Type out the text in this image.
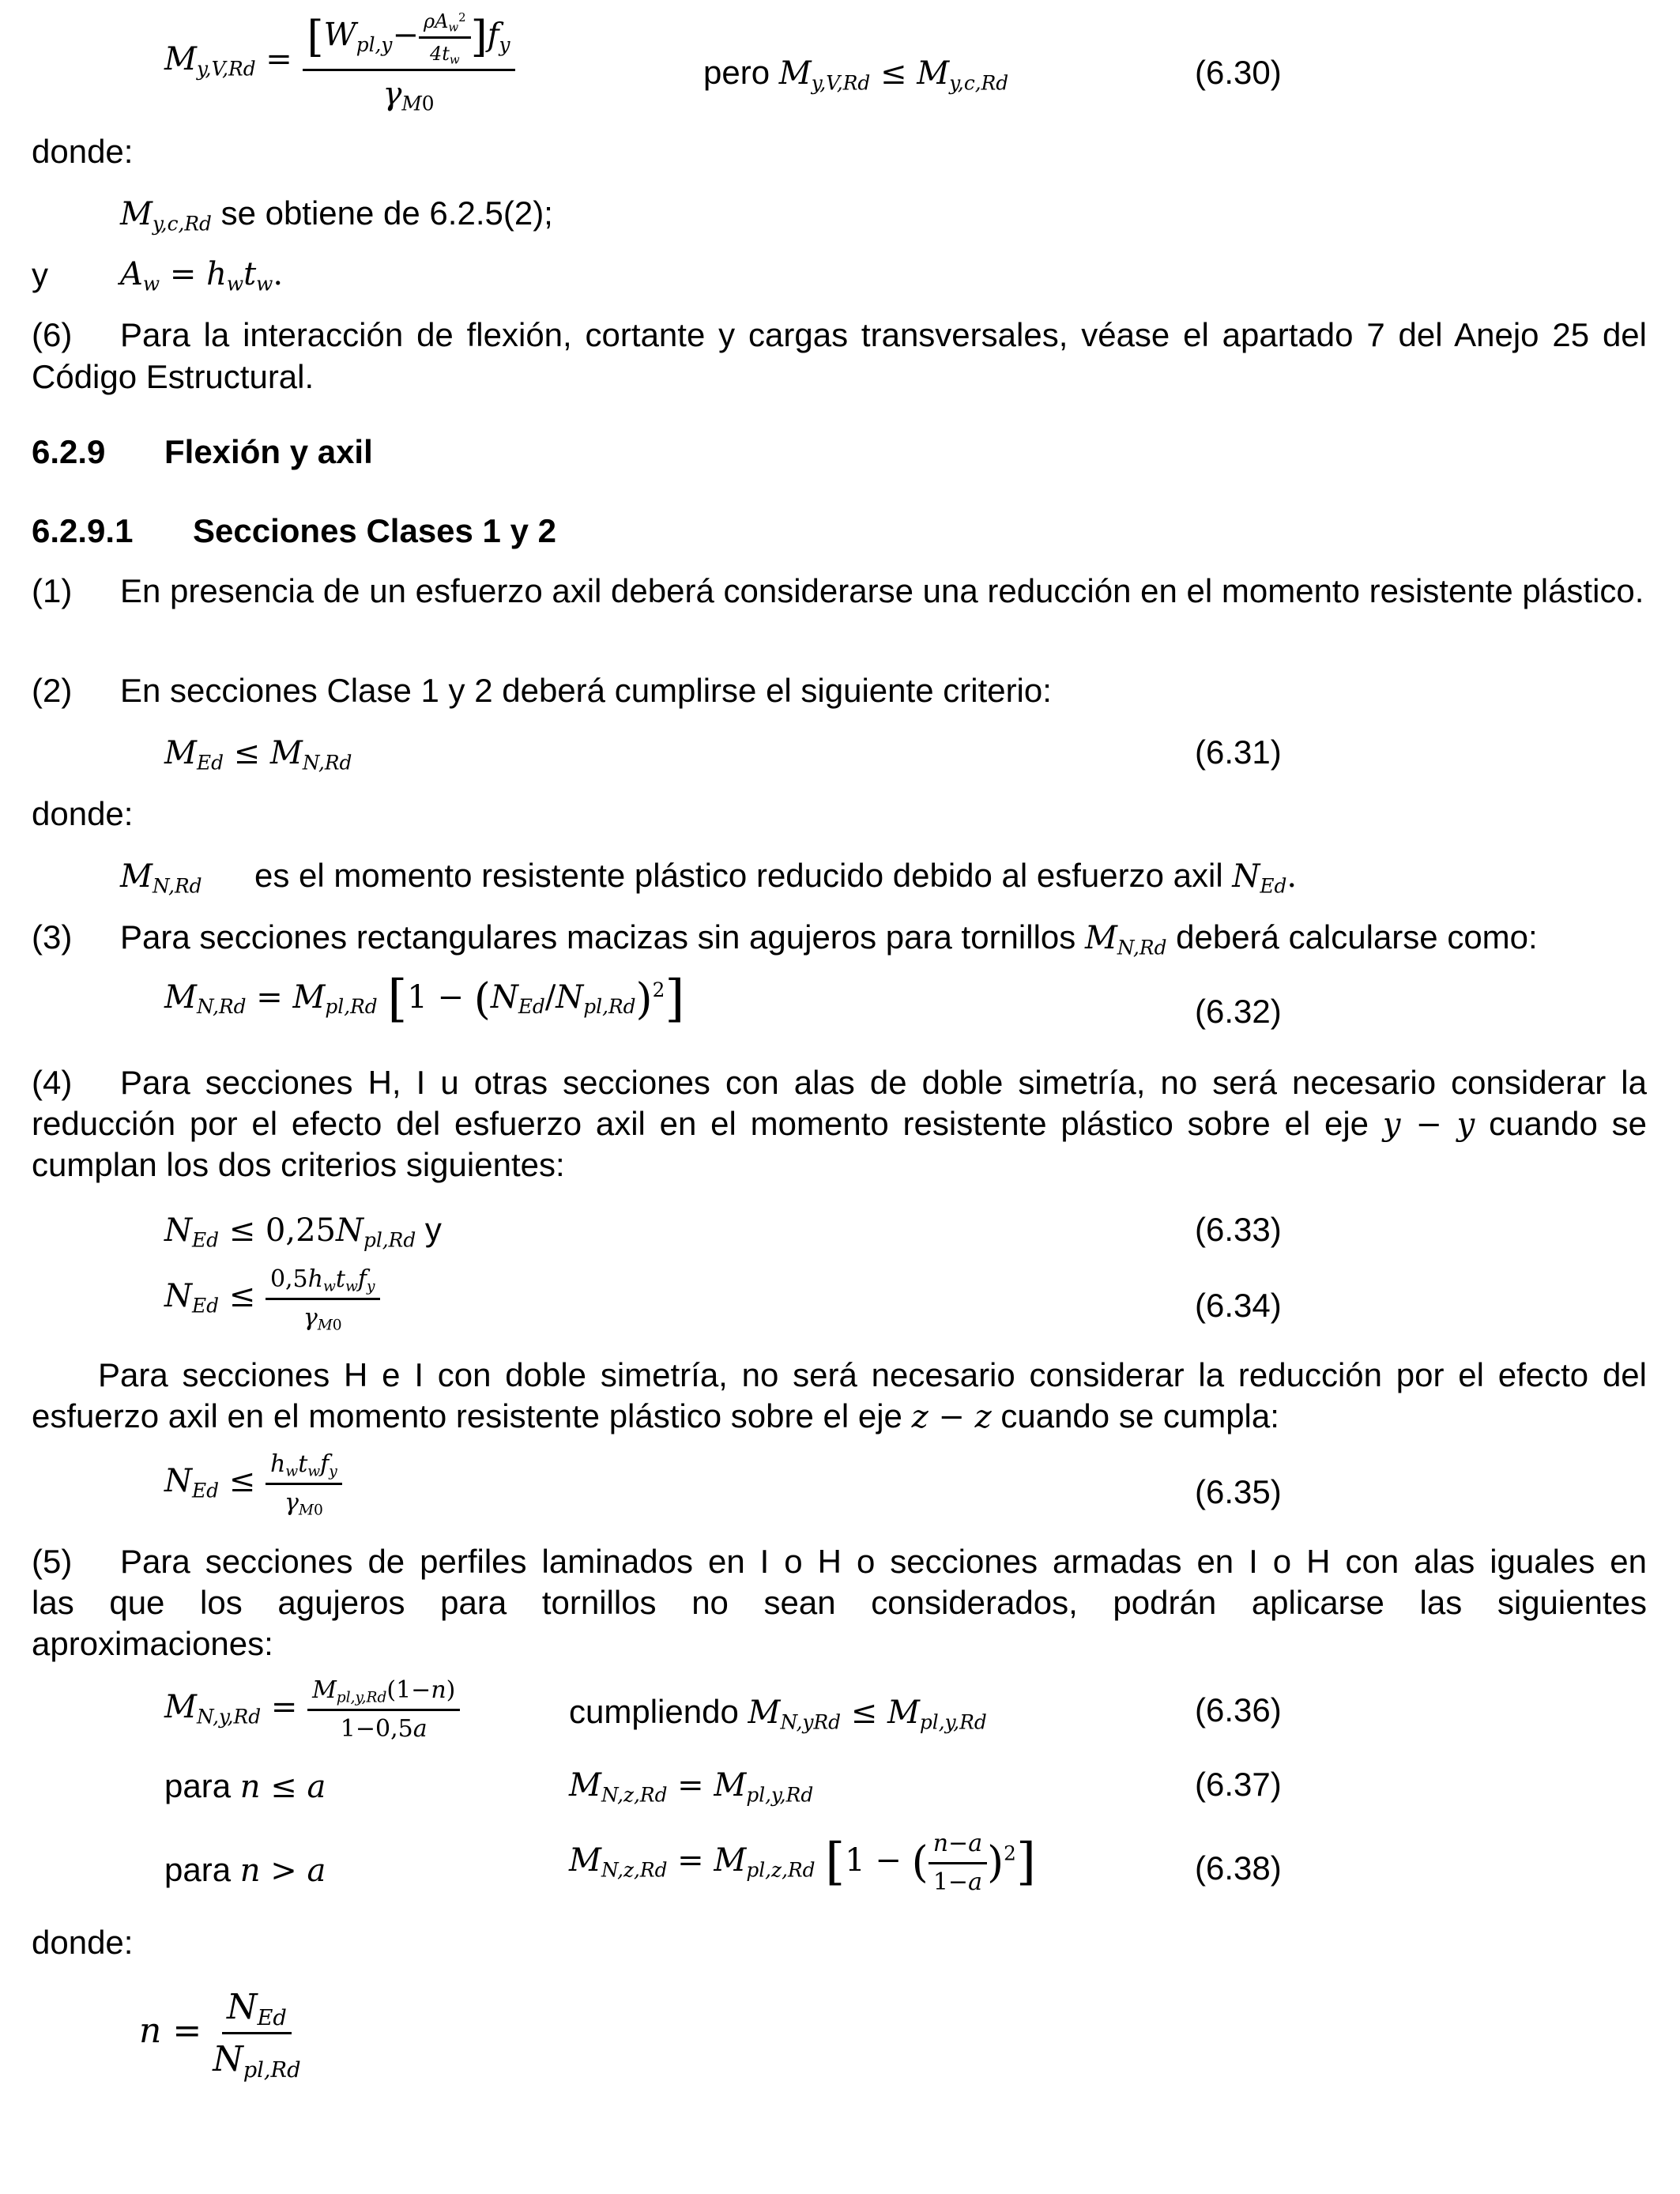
$M_{y,V,Rd} = \frac{[W_{pl,y}- \frac{\rho A_w^2}{4t_w} ]f_y}{\gamma_{M0}}$	pero $M_{y,V,Rd} \le M_{y,c,Rd}$	(6.30)
donde:
$M_{y,c,Rd}$ se obtiene de 6.2.5(2);
y $A_w = h_wt_w$.
(6)	Para la interacción de flexión, cortante y cargas transversales, véase el apartado 7 del Anejo 25 del Código Estructural.
6.2.9 Flexión y axil
6.2.9.1 Secciones Clases 1 y 2
(1)	En presencia de un esfuerzo axil deberá considerarse una reducción en el momento resistente plástico.
(2) En secciones Clase 1 y 2 deberá cumplirse el siguiente criterio:
$M_{Ed} \le M_{N,Rd}$	(6.31)
donde:
$M_{N,Rd}$ es el momento resistente plástico reducido debido al esfuerzo axil $N_{Ed}$.
(3) Para secciones rectangulares macizas sin agujeros para tornillos $M_{N,Rd}$ deberá calcularse como:
$M_{N,Rd} = M_{pl,Rd}$ $[1 - (N_{Ed}/N_{pl,Rd})^2]$	(6.32)
(4) Para secciones H, I u otras secciones con alas de doble simetría, no será necesario considerar la
reducción por el efecto del esfuerzo axil en el momento resistente plástico sobre el eje y − y cuando se
cumplan los dos criterios siguientes:
$N_{Ed} \le 0,25N_{pl,Rd}$ y	(6.33)
$N_{Ed} \le \frac{0,5h_wt_wf_y}{\gamma_{M0}}$	(6.34)
Para secciones H e I con doble simetría, no será necesario considerar la reducción por el efecto del
esfuerzo axil en el momento resistente plástico sobre el eje z − z cuando se cumpla:
$N_{Ed} \le \frac{h_wt_wf_y}{\gamma_{M0}}$	(6.35)
(5) Para secciones de perfiles laminados en I o H o secciones armadas en I o H con alas iguales en
las que los agujeros para tornillos no sean considerados, podrán aplicarse las siguientes
aproximaciones:
$M_{N,y,Rd} = \frac{M_{pl,y,Rd}(1-n)}{1-0,5a}$	cumpliendo $M_{N,yRd} \le M_{pl,y,Rd}$	(6.36)
para n ≤ a	$M_{N,z,Rd} = M_{pl,y,Rd}$	(6.37)
para n > a	$M_{N,z,Rd} = M_{pl,z,Rd}$ [1 − ( $\frac{n-a}{1-a} )^2$]	(6.38)
donde:
$n = \frac{N_{Ed}}{N_{pl,Rd}}$
